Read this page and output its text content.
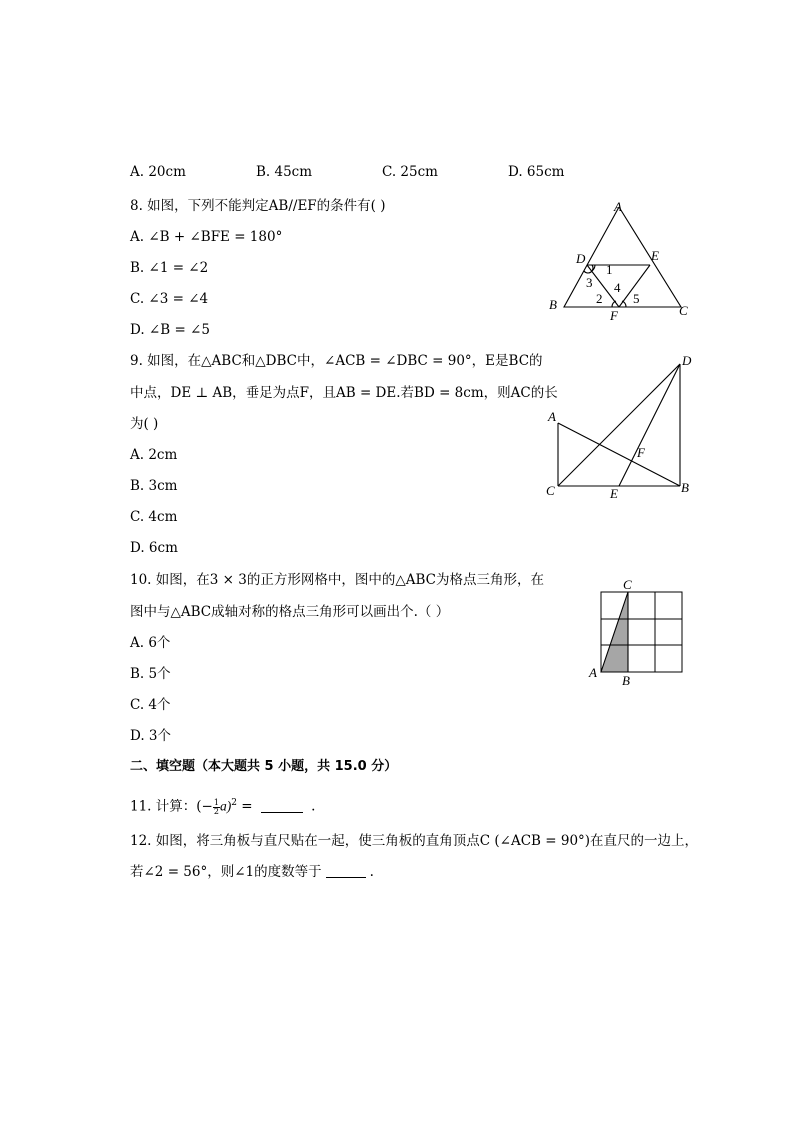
A. 20cm	B. 45cm	C. 25cm	D. 65cm
8. 如图，下列不能判定AB//EF的条件有( )
A. ∠B + ∠BFE = 180°
B. ∠1 = ∠2
C. ∠3 = ∠4
D. ∠B = ∠5
A
B	C
D	E
F
1
2
3 4
5
9. 如图，在△ABC和△DBC中，∠ACB = ∠DBC = 90°，E是BC的
中点，DE ⊥ AB，垂足为点F，且AB = DE.若BD = 8cm，则AC的长
为( )
A. 2cm
B. 3cm
C. 4cm
D. 6cm
A
B
C
D
E
F
10. 如图，在3 × 3的正方形网格中，图中的△ABC为格点三角形，在
图中与△ABC成轴对称的格点三角形可以画出个.（ ）
A. 6个
B. 5个
C. 4个
D. 3个
A
B
C
二、填空题（本大题共 5 小题，共 15.0 分）
11. 计算：(− $\frac{1}{2} a)^2$ =	.
12. 如图，将三角板与直尺贴在一起，使三角板的直角顶点C (∠ACB = 90°)在直尺的一边上，
若∠2 = 56°，则∠1的度数等于	.
